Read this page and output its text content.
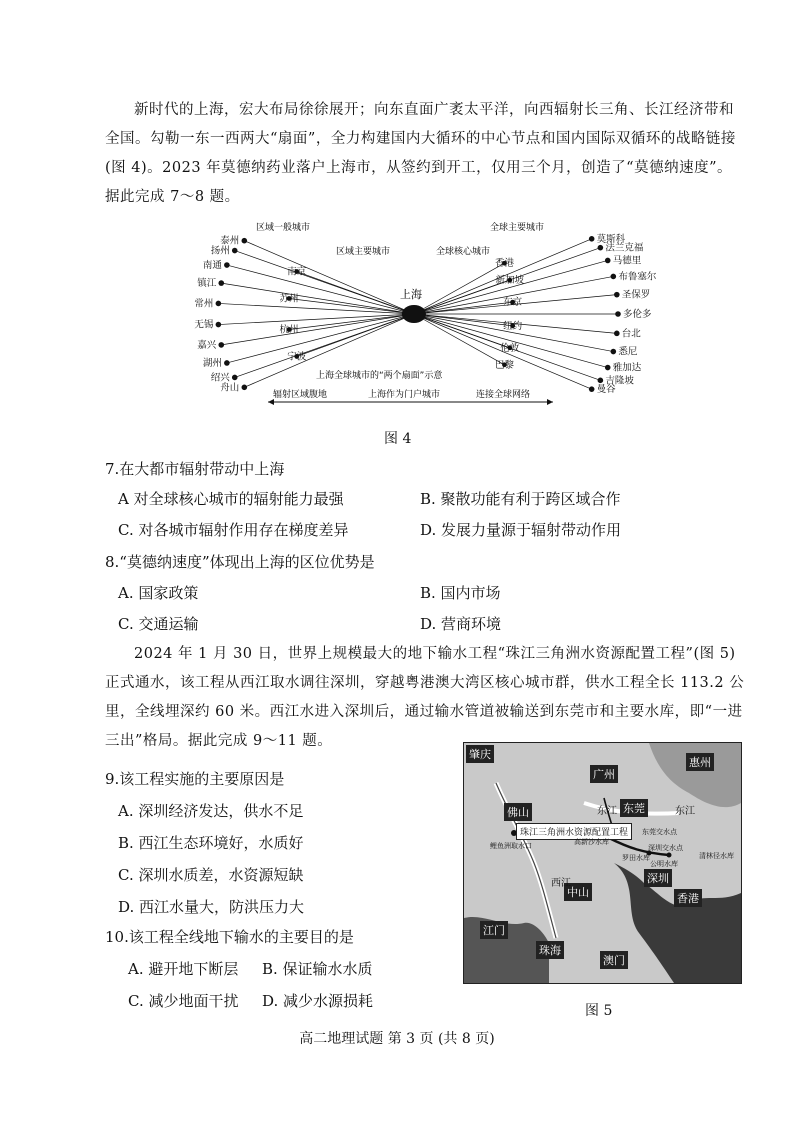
新时代的上海，宏大布局徐徐展开；向东直面广袤太平洋，向西辐射长三角、长江经济带和全国。勾勒一东一西两大“扇面”，全力构建国内大循环的中心节点和国内国际双循环的战略链接(图 4)。2023 年莫德纳药业落户上海市，从签约到开工，仅用三个月，创造了“莫德纳速度”。据此完成 7～8 题。
泰州
扬州
南通
镇江
常州
无锡
嘉兴
湖州
绍兴
舟山
南京
苏州
杭州
宁波
莫斯科
法兰克福
马德里
布鲁塞尔
圣保罗
多伦多
台北
悉尼
雅加达
吉隆坡
曼谷
香港
新加坡
东京
纽约
伦敦
巴黎
上海
区域一般城市
区域主要城市
全球主要城市
全球核心城市
上海全球城市的“两个扇面”示意
辐射区域腹地	上海作为门户城市	连接全球网络
图 4
7.在大都市辐射带动中上海
A 对全球核心城市的辐射能力最强	B. 聚散功能有利于跨区域合作
C. 对各城市辐射作用存在梯度差异	D. 发展力量源于辐射带动作用
8.“莫德纳速度”体现出上海的区位优势是
A. 国家政策	B. 国内市场
C. 交通运输	D. 营商环境
2024 年 1 月 30 日，世界上规模最大的地下输水工程“珠江三角洲水资源配置工程”(图 5)正式通水，该工程从西江取水调往深圳，穿越粤港澳大湾区核心城市群，供水工程全长 113.2 公里，全线埋深约 60 米。西江水进入深圳后，通过输水管道被输送到东莞市和主要水库，即“一进三出”格局。据此完成 9～11 题。
肇庆
广州
惠州
佛山	东莞
中山
深圳
香港
珠海
澳门
江门
西江
东江	东江
珠江三角洲水资源配置工程
鲤鱼洲取水口	高新沙水库
罗田水库
东莞交水点
深圳交水点
清林径水库
公明水库
图 5
9.该工程实施的主要原因是
A. 深圳经济发达，供水不足
B. 西江生态环境好，水质好
C. 深圳水质差，水资源短缺
D. 西江水量大，防洪压力大
10.该工程全线地下输水的主要目的是
A. 避开地下断层 B. 保证输水水质
C. 减少地面干扰 D. 减少水源损耗
高二地理试题 第 3 页 (共 8 页)
